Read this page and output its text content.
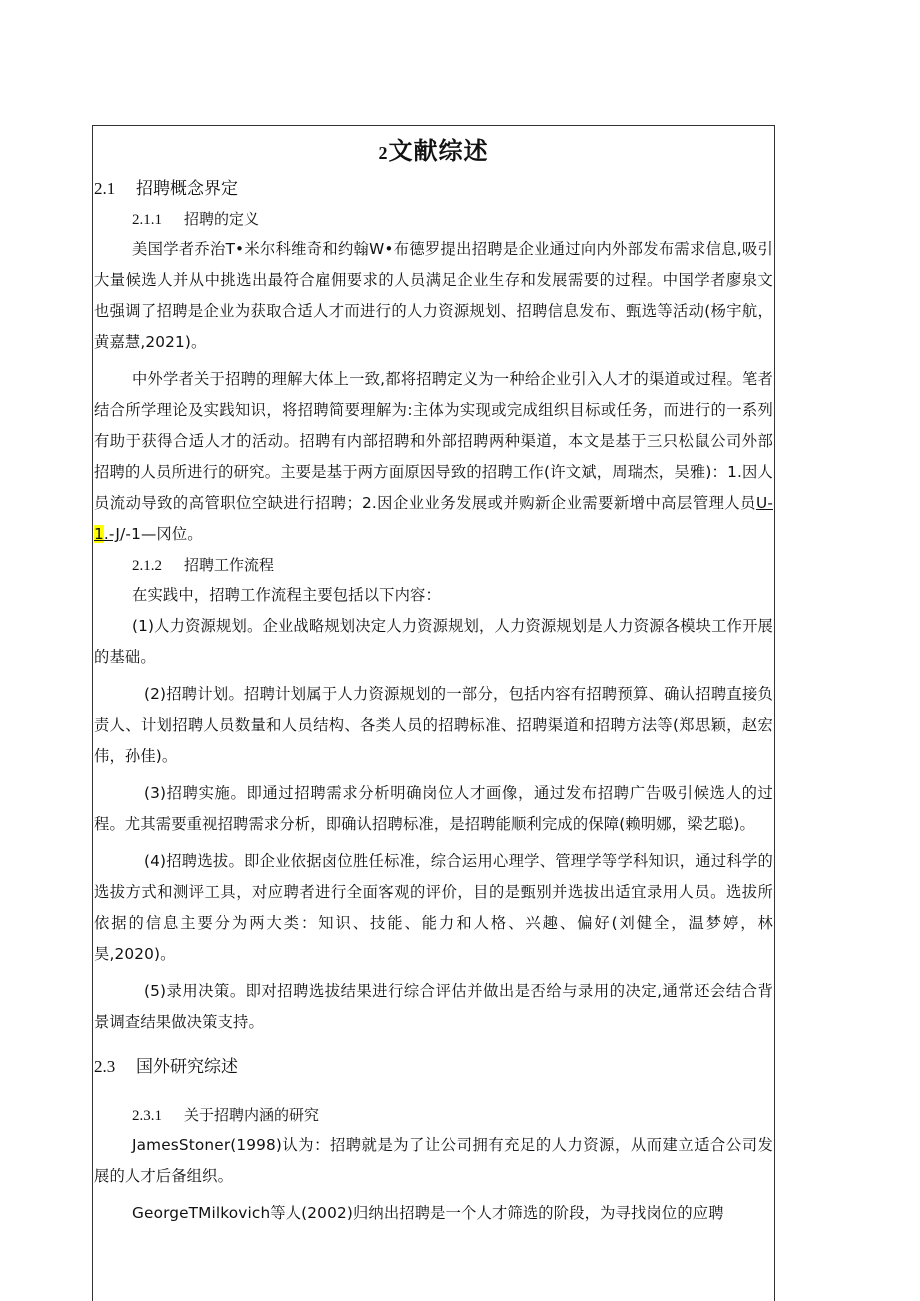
2文献综述
2.1 招聘概念界定
2.1.1 招聘的定义

美国学者乔治T•米尔科维奇和约翰W•布德罗提出招聘是企业通过向内外部发布需求信息,吸引大量候选人并从中挑选出最符合雇佣要求的人员满足企业生存和发展需要的过程。中国学者廖泉文也强调了招聘是企业为获取合适人才而进行的人力资源规划、招聘信息发布、甄选等活动(杨宇航，黄嘉慧,2021)。

中外学者关于招聘的理解大体上一致,都将招聘定义为一种给企业引入人才的渠道或过程。笔者结合所学理论及实践知识，将招聘简要理解为:主体为实现或完成组织目标或任务，而进行的一系列有助于获得合适人才的活动。招聘有内部招聘和外部招聘两种渠道，本文是基于三只松鼠公司外部招聘的人员所进行的研究。主要是基于两方面原因导致的招聘工作(许文斌，周瑞杰，吴雅)：1.因人员流动导致的高管职位空缺进行招聘；2.因企业业务发展或并购新企业需要新增中高层管理人员U-1.-J/-1—冈位。

2.1.2 招聘工作流程

在实践中，招聘工作流程主要包括以下内容：

(1)人力资源规划。企业战略规划决定人力资源规划，人力资源规划是人力资源各模块工作开展的基础。

(2)招聘计划。招聘计划属于人力资源规划的一部分，包括内容有招聘预算、确认招聘直接负责人、计划招聘人员数量和人员结构、各类人员的招聘标准、招聘渠道和招聘方法等(郑思颖，赵宏伟，孙佳)。

(3)招聘实施。即通过招聘需求分析明确岗位人才画像，通过发布招聘广告吸引候选人的过程。尤其需要重视招聘需求分析，即确认招聘标准，是招聘能顺利完成的保障(赖明娜，梁艺聪)。

(4)招聘选拔。即企业依据卤位胜任标准，综合运用心理学、管理学等学科知识，通过科学的选拔方式和测评工具，对应聘者进行全面客观的评价，目的是甄别并选拔出适宜录用人员。选拔所依据的信息主要分为两大类：知识、技能、能力和人格、兴趣、偏好(刘健全，温梦婷，林昊,2020)。

(5)录用决策。即对招聘选拔结果进行综合评估并做出是否给与录用的决定,通常还会结合背景调查结果做决策支持。

2.3 国外研究综述
2.3.1 关于招聘内涵的研究

JamesStoner(1998)认为：招聘就是为了让公司拥有充足的人力资源，从而建立适合公司发展的人才后备组织。

GeorgeTMilkovich等人(2002)归纳出招聘是一个人才筛选的阶段，为寻找岗位的应聘
